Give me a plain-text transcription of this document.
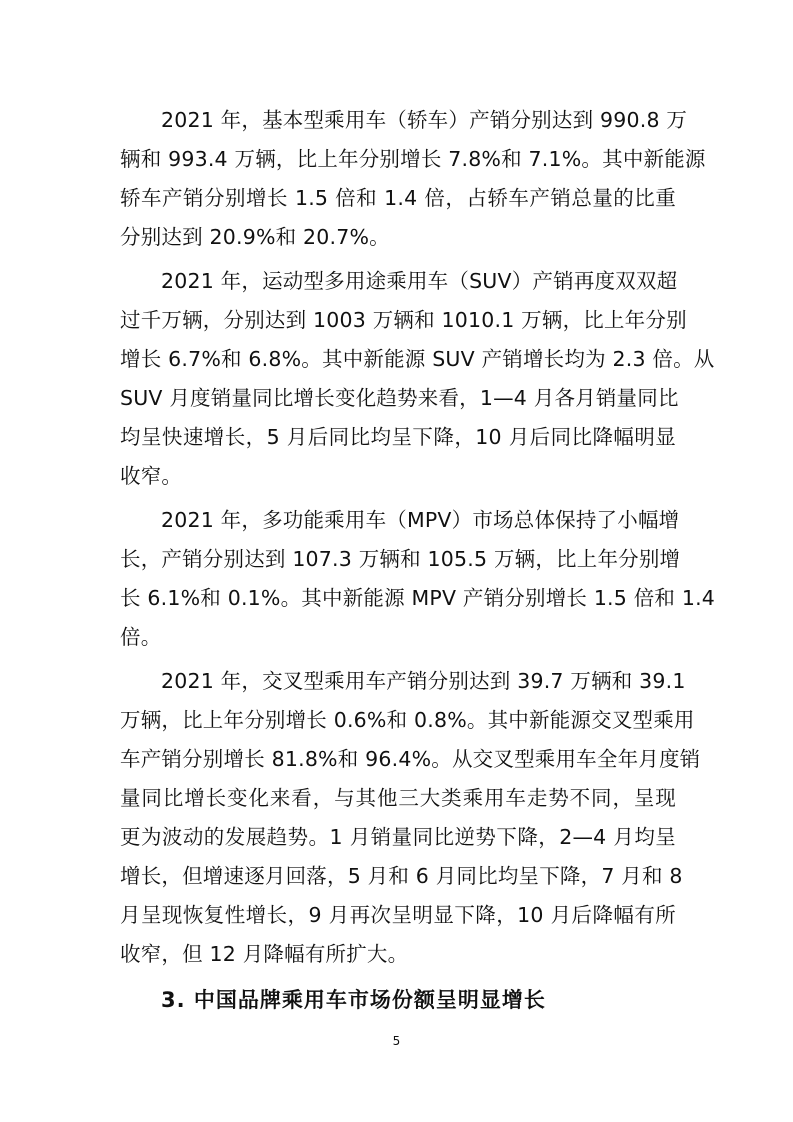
2021 年，基本型乘用车（轿车）产销分别达到 990.8 万
辆和 993.4 万辆，比上年分别增长 7.8%和 7.1%。其中新能源
轿车产销分别增长 1.5 倍和 1.4 倍，占轿车产销总量的比重
分别达到 20.9%和 20.7%。
2021 年，运动型多用途乘用车（SUV）产销再度双双超
过千万辆，分别达到 1003 万辆和 1010.1 万辆，比上年分别
增长 6.7%和 6.8%。其中新能源 SUV 产销增长均为 2.3 倍。从
SUV 月度销量同比增长变化趋势来看，1—4 月各月销量同比
均呈快速增长，5 月后同比均呈下降，10 月后同比降幅明显
收窄。
2021 年，多功能乘用车（MPV）市场总体保持了小幅增
长，产销分别达到 107.3 万辆和 105.5 万辆，比上年分别增
长 6.1%和 0.1%。其中新能源 MPV 产销分别增长 1.5 倍和 1.4
倍。
2021 年，交叉型乘用车产销分别达到 39.7 万辆和 39.1
万辆，比上年分别增长 0.6%和 0.8%。其中新能源交叉型乘用
车产销分别增长 81.8%和 96.4%。从交叉型乘用车全年月度销
量同比增长变化来看，与其他三大类乘用车走势不同，呈现
更为波动的发展趋势。1 月销量同比逆势下降，2—4 月均呈
增长，但增速逐月回落，5 月和 6 月同比均呈下降，7 月和 8
月呈现恢复性增长，9 月再次呈明显下降，10 月后降幅有所
收窄，但 12 月降幅有所扩大。
3. 中国品牌乘用车市场份额呈明显增长
5
